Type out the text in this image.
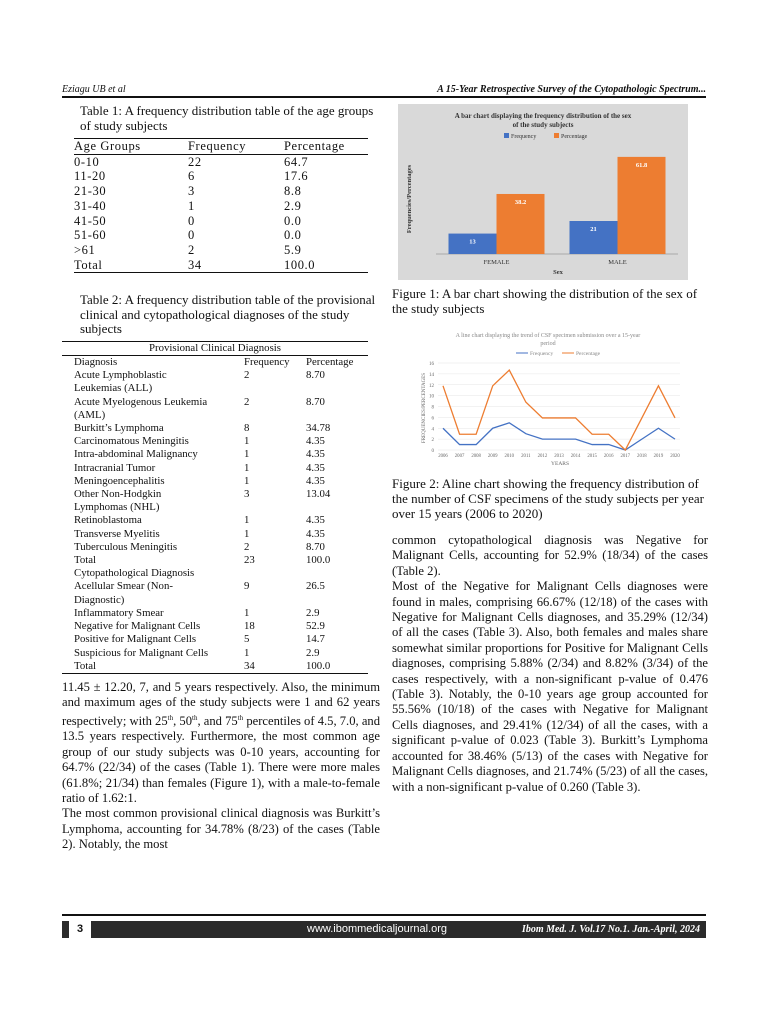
Eziagu UB et al	A 15-Year Retrospective Survey of the Cytopathologic Spectrum...
Table 1: A frequency distribution table of the age groups of study subjects
Age Groups	Frequency	Percentage
0-10	22	64.7
11-20	6	17.6
21-30	3	8.8
31-40	1	2.9
41-50	0	0.0
51-60	0	0.0
>61	2	5.9
Total	34	100.0
Table 2: A frequency distribution table of the provisional clinical and cytopathological diagnoses of the study subjects
Provisional Clinical Diagnosis		
Diagnosis	Frequency	Percentage
Acute Lymphoblastic	2	8.70
Leukemias (ALL)		
Acute Myelogenous Leukemia	2	8.70
(AML)		
Burkitt’s Lymphoma	8	34.78
Carcinomatous Meningitis	1	4.35
Intra-abdominal Malignancy	1	4.35
Intracranial Tumor	1	4.35
Meningoencephalitis	1	4.35
Other Non-Hodgkin	3	13.04
Lymphomas (NHL)		
Retinoblastoma	1	4.35
Transverse Myelitis	1	4.35
Tuberculous Meningitis	2	8.70
Total	23	100.0
Cytopathological Diagnosis		
Acellular Smear (Non-	9	26.5
Diagnostic)		
Inflammatory Smear	1	2.9
Negative for Malignant Cells	18	52.9
Positive for Malignant Cells	5	14.7
Suspicious for Malignant Cells	1	2.9
Total	34	100.0

11.45 ± 12.20, 7, and 5 years respectively. Also, the minimum and maximum ages of the study subjects were 1 and 62 years respectively; with 25th, 50th, and 75th percentiles of 4.5, 7.0, and 13.5 years respectively. Furthermore, the most common age group of our study subjects was 0-10 years, accounting for 64.7% (22/34) of the cases (Table 1). There were more males (61.8%; 21/34) than females (Figure 1), with a male-to-female ratio of 1.62:1.

The most common provisional clinical diagnosis was Burkitt’s Lymphoma, accounting for 34.78% (8/23) of the cases (Table 2). Notably, the most

A bar chart displaying the frequency distribution of the sex
of the study subjects
Frequency	Percentage
13
38.2
FEMALE
21
61.8
MALE
Sex
Frequencies/Percentages
Figure 1: A bar chart showing the distribution of the sex of the study subjects
A line chart displaying the trend of CSF specimen submission over a 15-year
period
Frequency	Percentage
0
2
4
6
8
10
12
14
16
2006 2007 2008 2009 2010 2011 2012 2013 2014 2015 2016 2017 2018 2019 2020
YEARS
FREQUENCIES/PERCENTAGES
Figure 2: Aline chart showing the frequency distribution of the number of CSF specimens of the study subjects per year over 15 years (2006 to 2020)

common cytopathological diagnosis was Negative for Malignant Cells, accounting for 52.9% (18/34) of the cases (Table 2).

Most of the Negative for Malignant Cells diagnoses were found in males, comprising 66.67% (12/18) of the cases with Negative for Malignant Cells diagnoses, and 35.29% (12/34) of all the cases (Table 3). Also, both females and males share somewhat similar proportions for Positive for Malignant Cells diagnoses, comprising 5.88% (2/34) and 8.82% (3/34) of the cases respectively, with a non-significant p-value of 0.476 (Table 3). Notably, the 0-10 years age group accounted for 55.56% (10/18) of the cases with Negative for Malignant Cells diagnoses, and 29.41% (12/34) of all the cases, with a significant p-value of 0.023 (Table 3). Burkitt’s Lymphoma accounted for 38.46% (5/13) of the cases with Negative for Malignant Cells diagnoses, and 21.74% (5/23) of all the cases, with a non-significant p-value of 0.260 (Table 3).

3	www.ibommedicaljournal.org	Ibom Med. J. Vol.17 No.1. Jan.-April, 2024
